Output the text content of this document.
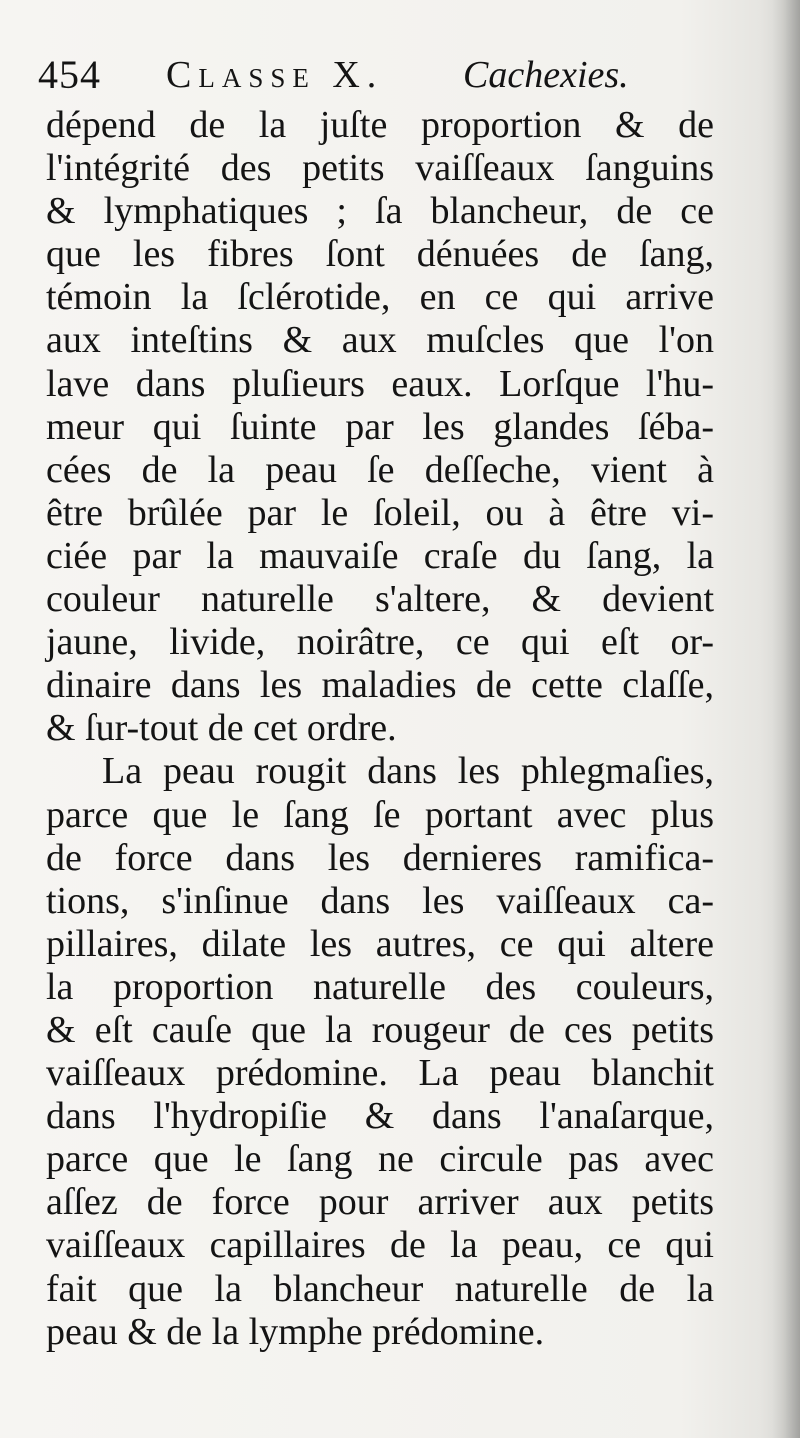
454 Classe X. Cachexies.
dépend de la juſte proportion & de
l'intégrité des petits vaiſſeaux ſanguins
& lymphatiques ; ſa blancheur, de ce
que les fibres ſont dénuées de ſang,
témoin la ſclérotide, en ce qui arrive
aux inteſtins & aux muſcles que l'on
lave dans pluſieurs eaux. Lorſque l'hu-
meur qui ſuinte par les glandes ſéba-
cées de la peau ſe deſſeche, vient à
être brûlée par le ſoleil, ou à être vi-
ciée par la mauvaiſe craſe du ſang, la
couleur naturelle s'altere, & devient
jaune, livide, noirâtre, ce qui eſt or-
dinaire dans les maladies de cette claſſe,
& ſur-tout de cet ordre.
La peau rougit dans les phlegmaſies,
parce que le ſang ſe portant avec plus
de force dans les dernieres ramifica-
tions, s'inſinue dans les vaiſſeaux ca-
pillaires, dilate les autres, ce qui altere
la proportion naturelle des couleurs,
& eſt cauſe que la rougeur de ces petits
vaiſſeaux prédomine. La peau blanchit
dans l'hydropiſie & dans l'anaſarque,
parce que le ſang ne circule pas avec
aſſez de force pour arriver aux petits
vaiſſeaux capillaires de la peau, ce qui
fait que la blancheur naturelle de la
peau & de la lymphe prédomine.
